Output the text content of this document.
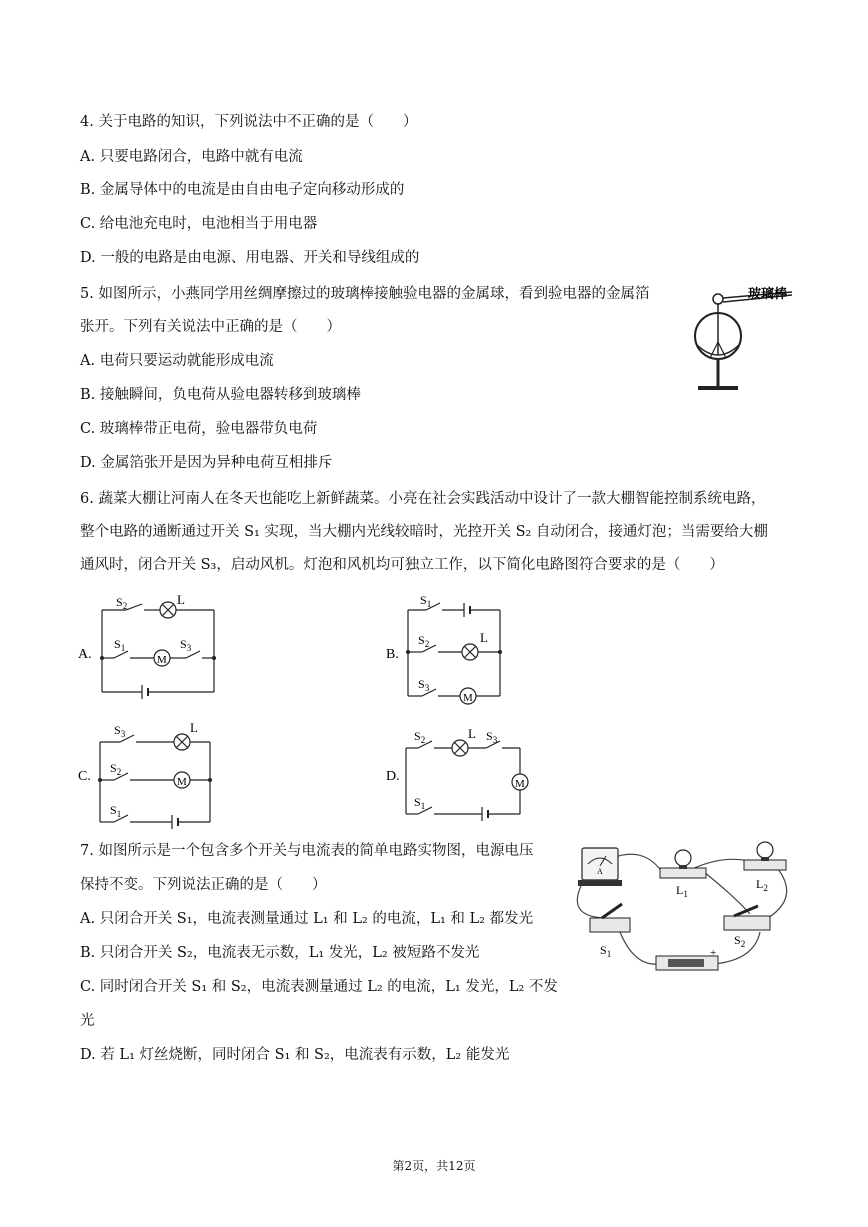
4. 关于电路的知识，下列说法中不正确的是（　　）
A. 只要电路闭合，电路中就有电流
B. 金属导体中的电流是由自由电子定向移动形成的
C. 给电池充电时，电池相当于用电器
D. 一般的电路是由电源、用电器、开关和导线组成的
5. 如图所示，小燕同学用丝绸摩擦过的玻璃棒接触验电器的金属球，看到验电器的金属箔
张开。下列有关说法中正确的是（　　）
A. 电荷只要运动就能形成电流
B. 接触瞬间，负电荷从验电器转移到玻璃棒
C. 玻璃棒带正电荷，验电器带负电荷
D. 金属箔张开是因为异种电荷互相排斥
玻璃棒
6. 蔬菜大棚让河南人在冬天也能吃上新鲜蔬菜。小亮在社会实践活动中设计了一款大棚智能控制系统电路，
整个电路的通断通过开关 S₁ 实现，当大棚内光线较暗时，光控开关 S₂ 自动闭合，接通灯泡；当需要给大棚
通风时，闭合开关 S₃，启动风机。灯泡和风机均可独立工作，以下简化电路图符合要求的是（　　）
A.
$S_2$	L
M
$S_1$	$S_3$	B.
$S_1$
$S_2$	L
M
$S_3$
C.
$S_3$	L
M
$S_2$
$S_1$
D.
$S_2$	L $S_3$
M
$S_1$
7. 如图所示是一个包含多个开关与电流表的简单电路实物图，电源电压
保持不变。下列说法正确的是（　　）
A. 只闭合开关 S₁，电流表测量通过 L₁ 和 L₂ 的电流，L₁ 和 L₂ 都发光
B. 只闭合开关 S₂，电流表无示数，L₁ 发光，L₂ 被短路不发光
C. 同时闭合开关 S₁ 和 S₂，电流表测量通过 L₂ 的电流，L₁ 发光，L₂ 不发
光
D. 若 L₁ 灯丝烧断，同时闭合 S₁ 和 S₂，电流表有示数，L₂ 能发光
A
$L_1$
$L_2$
$S_1$
$S_2$
+
第2页，共12页
